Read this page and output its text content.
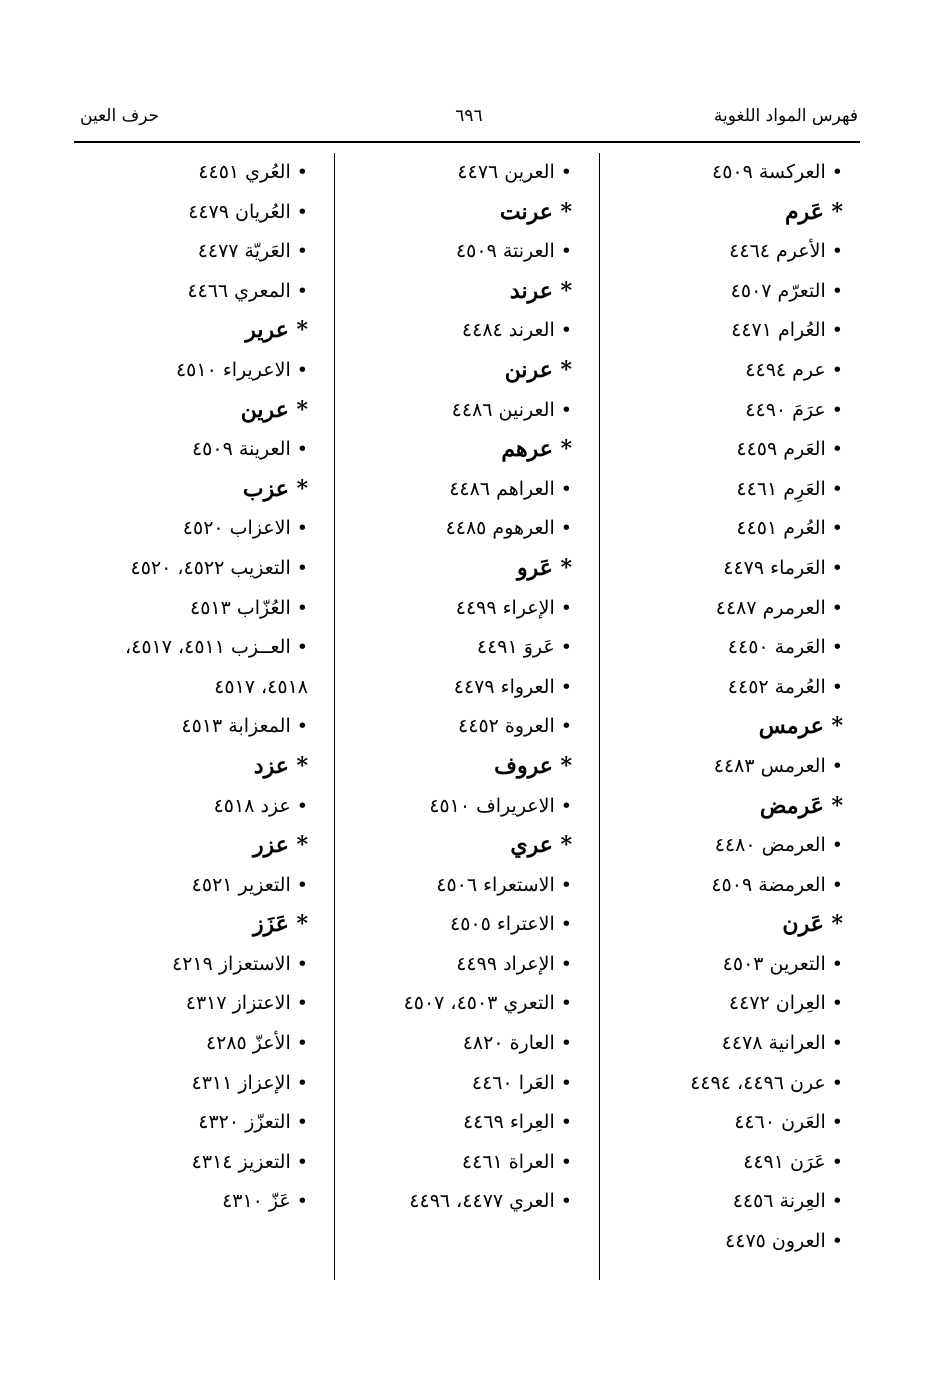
فهرس المواد اللغوية
٦٩٦
حرف العين
• العركسة ٤٥٠٩
* عَرم
• الأعرم ٤٤٦٤
• التعرّم ٤٥٠٧
• العُرام ٤٤٧١
• عرم ٤٤٩٤
• عرَمَ ٤٤٩٠
• العَرم ٤٤٥٩
• العَرِم ٤٤٦١
• العُرم ٤٤٥١
• العَرماء ٤٤٧٩
• العرمرم ٤٤٨٧
• العَرمة ٤٤٥٠
• العُرمة ٤٤٥٢
* عرمس
• العرمس ٤٤٨٣
* عَرمض
• العرمض ٤٤٨٠
• العرمضة ٤٥٠٩
* عَرن
• التعرين ٤٥٠٣
• العِران ٤٤٧٢
• العرانية ٤٤٧٨
• عرن ٤٤٩٦، ٤٤٩٤
• العَرن ٤٤٦٠
• عَرَن ٤٤٩١
• العِرنة ٤٤٥٦
• العرون ٤٤٧٥
• العرين ٤٤٧٦
* عرنت
• العرنتة ٤٥٠٩
* عرند
• العرند ٤٤٨٤
* عرنن
• العرنين ٤٤٨٦
* عرهم
• العراهم ٤٤٨٦
• العرهوم ٤٤٨٥
* عَرو
• الإعراء ٤٤٩٩
• عَروَ ٤٤٩١
• العرواء ٤٤٧٩
• العروة ٤٤٥٢
* عروف
• الاعريراف ٤٥١٠
* عري
• الاستعراء ٤٥٠٦
• الاعتراء ٤٥٠٥
• الإعراد ٤٤٩٩
• التعري ٤٥٠٣، ٤٥٠٧
• العارة ٤٨٢٠
• العَرا ٤٤٦٠
• العِراء ٤٤٦٩
• العراة ٤٤٦١
• العري ٤٤٧٧، ٤٤٩٦
• العُري ٤٤٥١
• العُريان ٤٤٧٩
• العَريّة ٤٤٧٧
• المعري ٤٤٦٦
* عرير
• الاعريراء ٤٥١٠
* عرين
• العرينة ٤٥٠٩
* عزب
• الاعزاب ٤٥٢٠
• التعزيب ٤٥٢٢، ٤٥٢٠
• العُزّاب ٤٥١٣
• العــزب ٤٥١١، ٤٥١٧،
٤٥١٨، ٤٥١٧
• المعزابة ٤٥١٣
* عزد
• عزد ٤٥١٨
* عزر
• التعزير ٤٥٢١
* عَزَز
• الاستعزاز ٤٢١٩
• الاعتزاز ٤٣١٧
• الأعزّ ٤٢٨٥
• الإعزاز ٤٣١١
• التعزّز ٤٣٢٠
• التعزيز ٤٣١٤
• عَزّ ٤٣١٠
